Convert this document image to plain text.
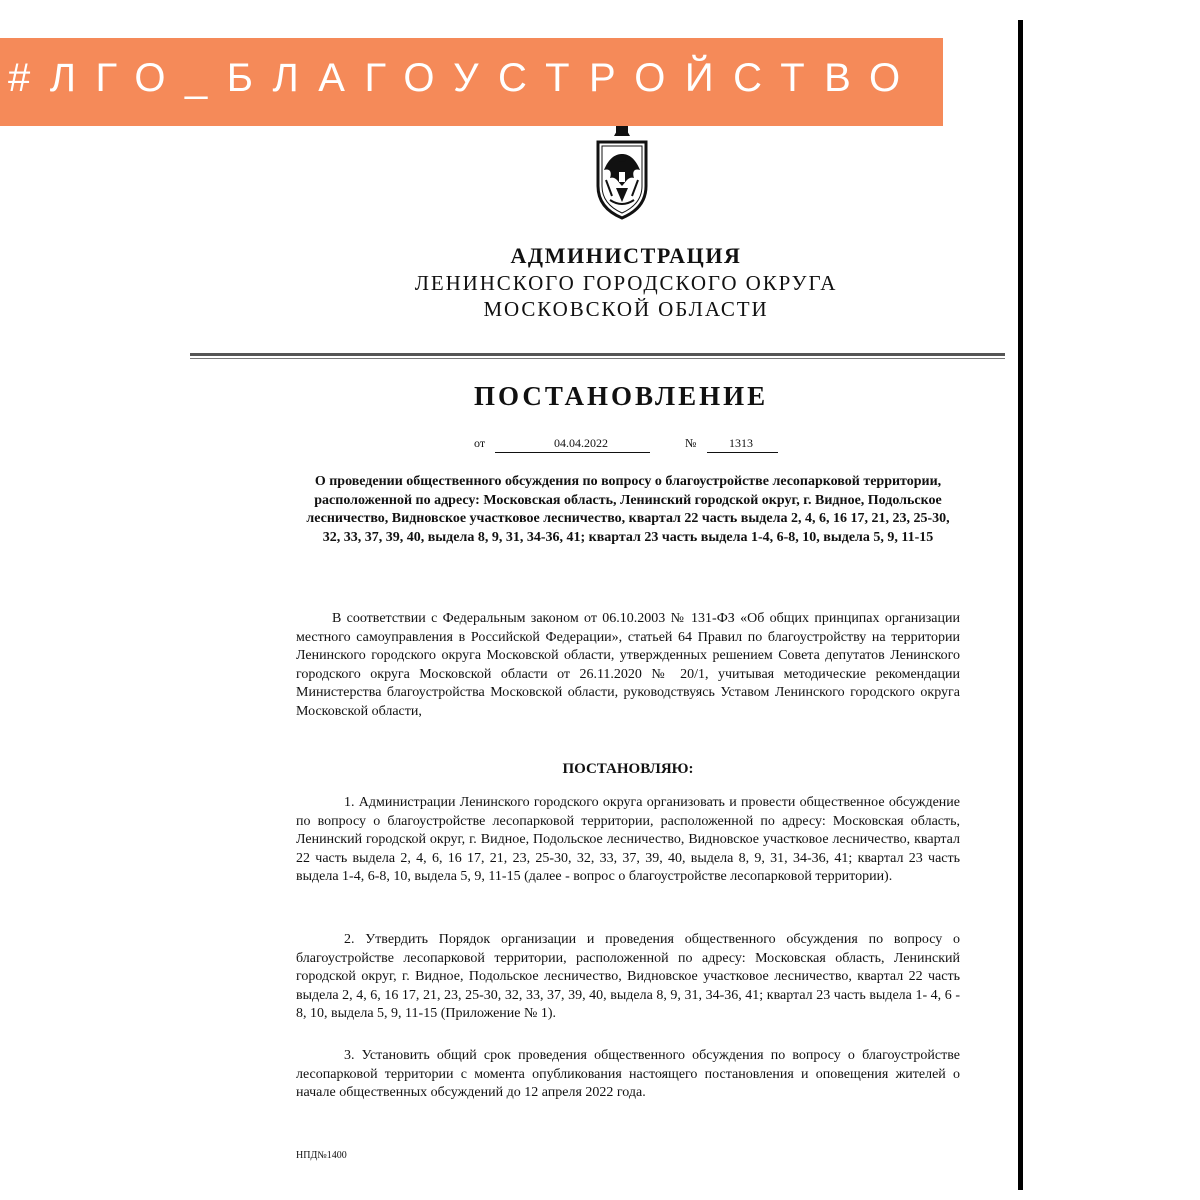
#ЛГО_БЛАГОУСТРОЙСТВО
АДМИНИСТРАЦИЯ
ЛЕНИНСКОГО ГОРОДСКОГО ОКРУГА
МОСКОВСКОЙ ОБЛАСТИ
ПОСТАНОВЛЕНИЕ
от	04.04.2022	№	1313
О проведении общественного обсуждения по вопросу о благоустройстве лесопарковой территории, расположенной по адресу: Московская область, Ленинский городской округ, г. Видное, Подольское лесничество, Видновское участковое лесничество, квартал 22 часть выдела 2, 4, 6, 16 17, 21, 23, 25-30, 32, 33, 37, 39, 40, выдела 8, 9, 31, 34-36, 41; квартал 23 часть выдела 1-4, 6-8, 10, выдела 5, 9, 11-15
В соответствии с Федеральным законом от 06.10.2003 № 131-ФЗ «Об общих принципах организации местного самоуправления в Российской Федерации», статьей 64 Правил по благоустройству на территории Ленинского городского округа Московской области, утвержденных решением Совета депутатов Ленинского городского округа Московской области от 26.11.2020 № 20/1, учитывая методические рекомендации Министерства благоустройства Московской области, руководствуясь Уставом Ленинского городского округа Московской области,
ПОСТАНОВЛЯЮ:
1. Администрации Ленинского городского округа организовать и провести общественное обсуждение по вопросу о благоустройстве лесопарковой территории, расположенной по адресу: Московская область, Ленинский городской округ, г. Видное, Подольское лесничество, Видновское участковое лесничество, квартал 22 часть выдела 2, 4, 6, 16 17, 21, 23, 25-30, 32, 33, 37, 39, 40, выдела 8, 9, 31, 34-36, 41; квартал 23 часть выдела 1-4, 6-8, 10, выдела 5, 9, 11-15 (далее - вопрос о благоустройстве лесопарковой территории).
2. Утвердить Порядок организации и проведения общественного обсуждения по вопросу о благоустройстве лесопарковой территории, расположенной по адресу: Московская область, Ленинский городской округ, г. Видное, Подольское лесничество, Видновское участковое лесничество, квартал 22 часть выдела 2, 4, 6, 16 17, 21, 23, 25-30, 32, 33, 37, 39, 40, выдела 8, 9, 31, 34-36, 41; квартал 23 часть выдела 1- 4, 6 - 8, 10, выдела 5, 9, 11-15 (Приложение № 1).
3. Установить общий срок проведения общественного обсуждения по вопросу о благоустройстве лесопарковой территории с момента опубликования настоящего постановления и оповещения жителей о начале общественных обсуждений до 12 апреля 2022 года.
НПД№1400
